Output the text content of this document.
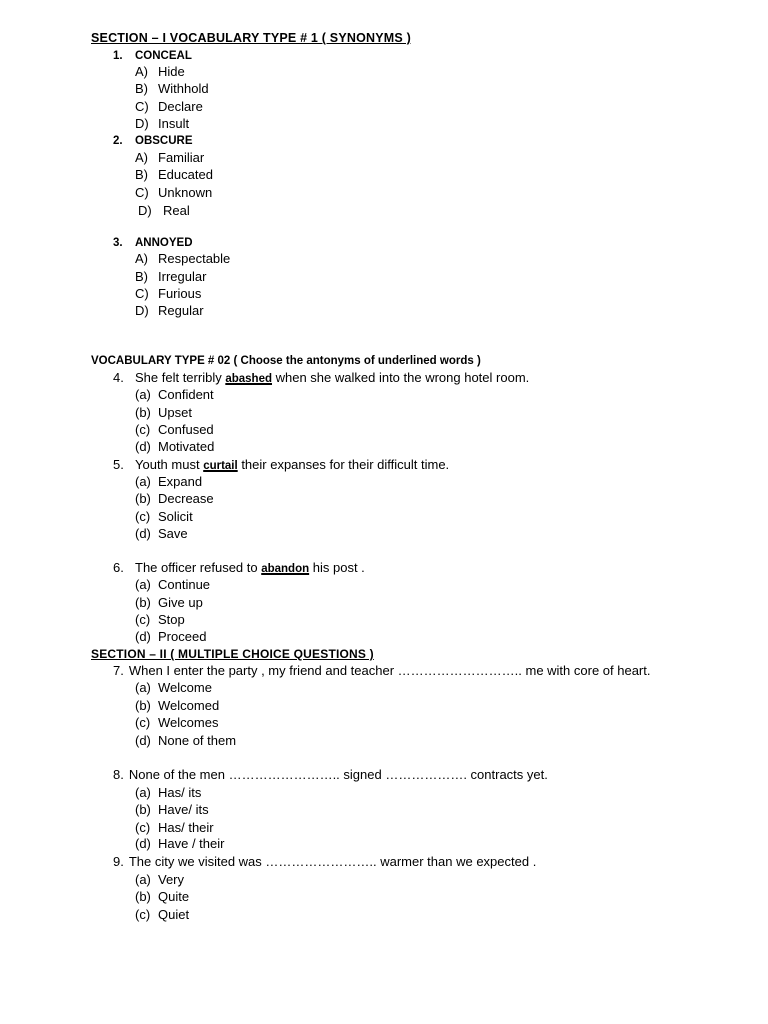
SECTION – I VOCABULARY TYPE # 1 ( SYNONYMS )
1. CONCEAL
A) Hide
B) Withhold
C) Declare
D) Insult
2. OBSCURE
A) Familiar
B) Educated
C) Unknown
D) Real
3. ANNOYED
A) Respectable
B) Irregular
C) Furious
D) Regular
VOCABULARY TYPE # 02 ( Choose the antonyms of underlined words )
4. She felt terribly abashed when she walked into the wrong hotel room.
(a) Confident
(b) Upset
(c) Confused
(d) Motivated
5. Youth must curtail their expanses for their difficult time.
(a) Expand
(b) Decrease
(c) Solicit
(d) Save
6. The officer refused to abandon his post .
(a) Continue
(b) Give up
(c) Stop
(d) Proceed
SECTION – II ( MULTIPLE CHOICE QUESTIONS )
7. When I enter the party , my friend and teacher ……………………….. me with core of heart.
(a) Welcome
(b) Welcomed
(c) Welcomes
(d) None of them
8. None of the men …………………….. signed ………………. contracts yet.
(a) Has/ its
(b) Have/ its
(c) Has/ their
(d) Have / their
9. The city we visited was …………………….. warmer than we expected .
(a) Very
(b) Quite
(c) Quiet
